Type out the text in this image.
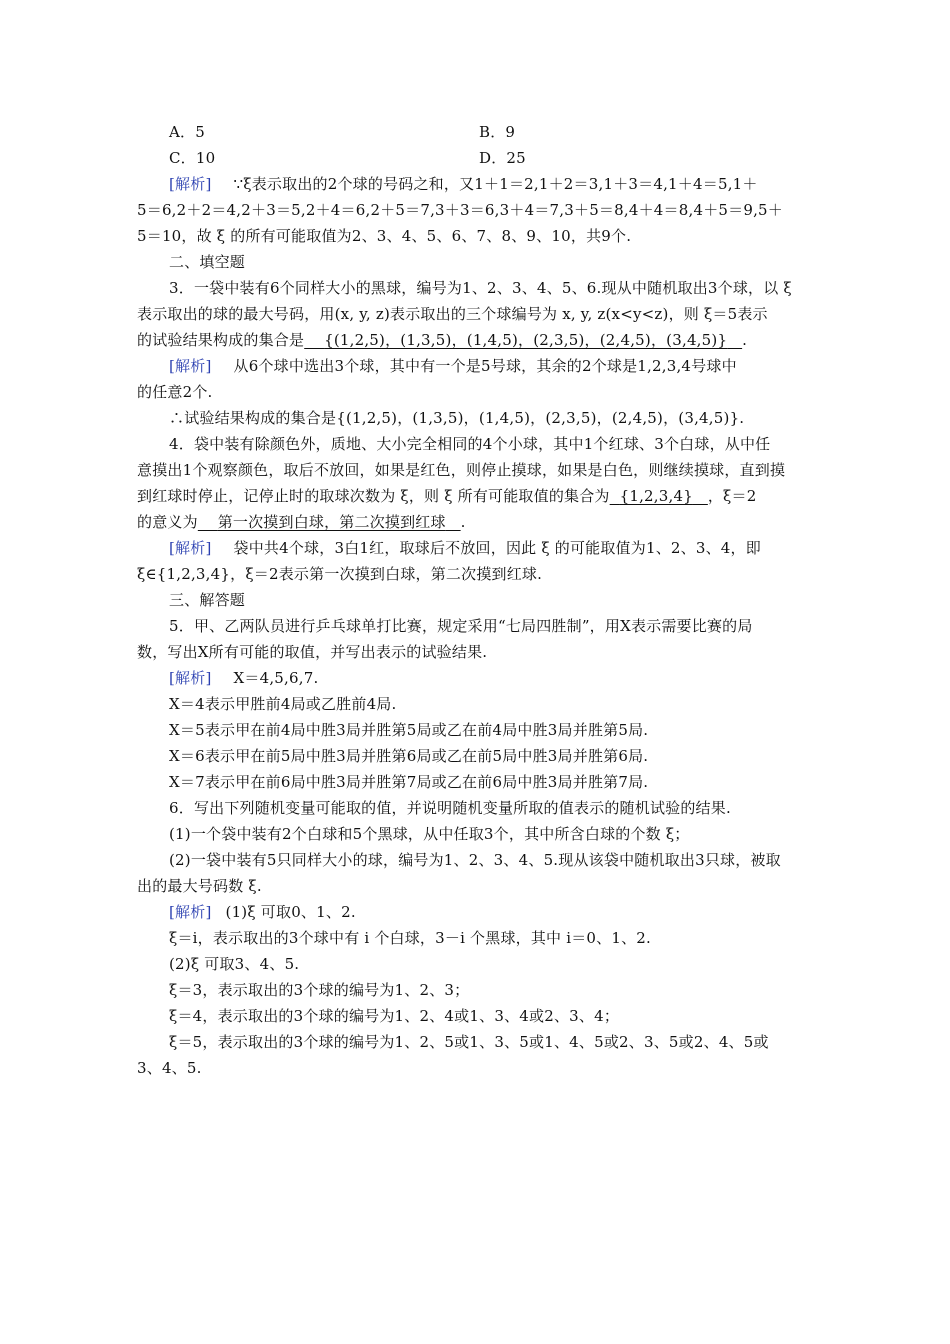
A．5	B．9
C．10	D．25
[解析] ∵ξ表示取出的2个球的号码之和，又1＋1＝2,1＋2＝3,1＋3＝4,1＋4＝5,1＋
5＝6,2＋2＝4,2＋3＝5,2＋4＝6,2＋5＝7,3＋3＝6,3＋4＝7,3＋5＝8,4＋4＝8,4＋5＝9,5＋
5＝10，故 ξ 的所有可能取值为2、3、4、5、6、7、8、9、10，共9个.
二、填空题
3．一袋中装有6个同样大小的黑球，编号为1、2、3、4、5、6.现从中随机取出3个球，以 ξ
表示取出的球的最大号码，用(x, y, z)表示取出的三个球编号为 x, y, z(x<y<z)，则 ξ＝5表示
的试验结果构成的集合是 {(1,2,5)，(1,3,5)，(1,4,5)，(2,3,5)，(2,4,5)，(3,4,5)} .
[解析] 从6个球中选出3个球，其中有一个是5号球，其余的2个球是1,2,3,4号球中
的任意2个.
∴试验结果构成的集合是{(1,2,5)，(1,3,5)，(1,4,5)，(2,3,5)，(2,4,5)，(3,4,5)}.
4．袋中装有除颜色外，质地、大小完全相同的4个小球，其中1个红球、3个白球，从中任
意摸出1个观察颜色，取后不放回，如果是红色，则停止摸球，如果是白色，则继续摸球，直到摸
到红球时停止，记停止时的取球次数为 ξ，则 ξ 所有可能取值的集合为 {1,2,3,4} ，ξ＝2
的意义为 第一次摸到白球，第二次摸到红球 .
[解析] 袋中共4个球，3白1红，取球后不放回，因此 ξ 的可能取值为1、2、3、4，即
ξ∈{1,2,3,4}，ξ＝2表示第一次摸到白球，第二次摸到红球.
三、解答题
5．甲、乙两队员进行乒乓球单打比赛，规定采用“七局四胜制”，用X表示需要比赛的局
数，写出X所有可能的取值，并写出表示的试验结果.
[解析] X＝4,5,6,7.
X＝4表示甲胜前4局或乙胜前4局.
X＝5表示甲在前4局中胜3局并胜第5局或乙在前4局中胜3局并胜第5局.
X＝6表示甲在前5局中胜3局并胜第6局或乙在前5局中胜3局并胜第6局.
X＝7表示甲在前6局中胜3局并胜第7局或乙在前6局中胜3局并胜第7局.
6．写出下列随机变量可能取的值，并说明随机变量所取的值表示的随机试验的结果.
(1)一个袋中装有2个白球和5个黑球，从中任取3个，其中所含白球的个数 ξ；
(2)一袋中装有5只同样大小的球，编号为1、2、3、4、5.现从该袋中随机取出3只球，被取
出的最大号码数 ξ.
[解析] (1)ξ 可取0、1、2.
ξ＝i，表示取出的3个球中有 i 个白球，3－i 个黑球，其中 i＝0、1、2.
(2)ξ 可取3、4、5.
ξ＝3，表示取出的3个球的编号为1、2、3；
ξ＝4，表示取出的3个球的编号为1、2、4或1、3、4或2、3、4；
ξ＝5，表示取出的3个球的编号为1、2、5或1、3、5或1、4、5或2、3、5或2、4、5或
3、4、5.
